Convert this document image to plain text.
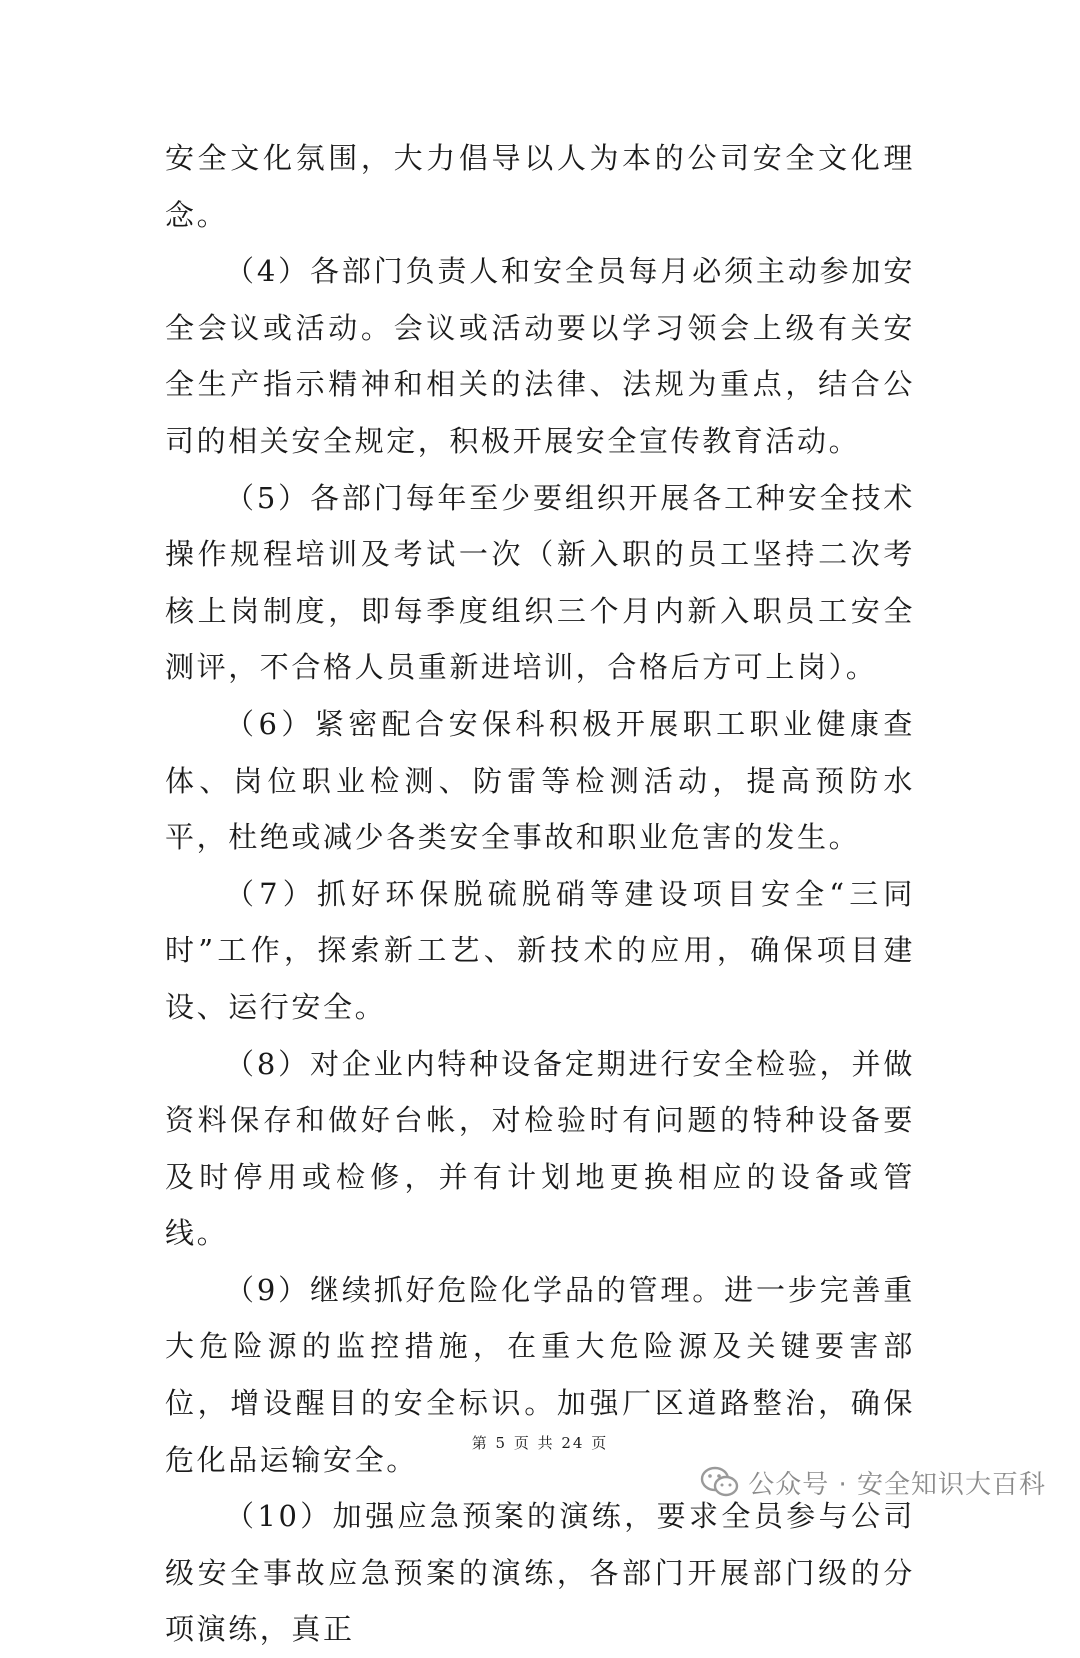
安全文化氛围，大力倡导以人为本的公司安全文化理念。

（4）各部门负责人和安全员每月必须主动参加安全会议或活动。会议或活动要以学习领会上级有关安全生产指示精神和相关的法律、法规为重点，结合公司的相关安全规定，积极开展安全宣传教育活动。

（5）各部门每年至少要组织开展各工种安全技术操作规程培训及考试一次（新入职的员工坚持二次考核上岗制度，即每季度组织三个月内新入职员工安全测评，不合格人员重新进培训，合格后方可上岗）。

（6）紧密配合安保科积极开展职工职业健康查体、岗位职业检测、防雷等检测活动，提高预防水平，杜绝或减少各类安全事故和职业危害的发生。

（7）抓好环保脱硫脱硝等建设项目安全“三同时”工作，探索新工艺、新技术的应用，确保项目建设、运行安全。

（8）对企业内特种设备定期进行安全检验，并做资料保存和做好台帐，对检验时有问题的特种设备要及时停用或检修，并有计划地更换相应的设备或管线。

（9）继续抓好危险化学品的管理。进一步完善重大危险源的监控措施，在重大危险源及关键要害部位，增设醒目的安全标识。加强厂区道路整治，确保危化品运输安全。

（10）加强应急预案的演练，要求全员参与公司级安全事故应急预案的演练，各部门开展部门级的分项演练，真正

第 5 页 共 24 页
公众号 · 安全知识大百科
